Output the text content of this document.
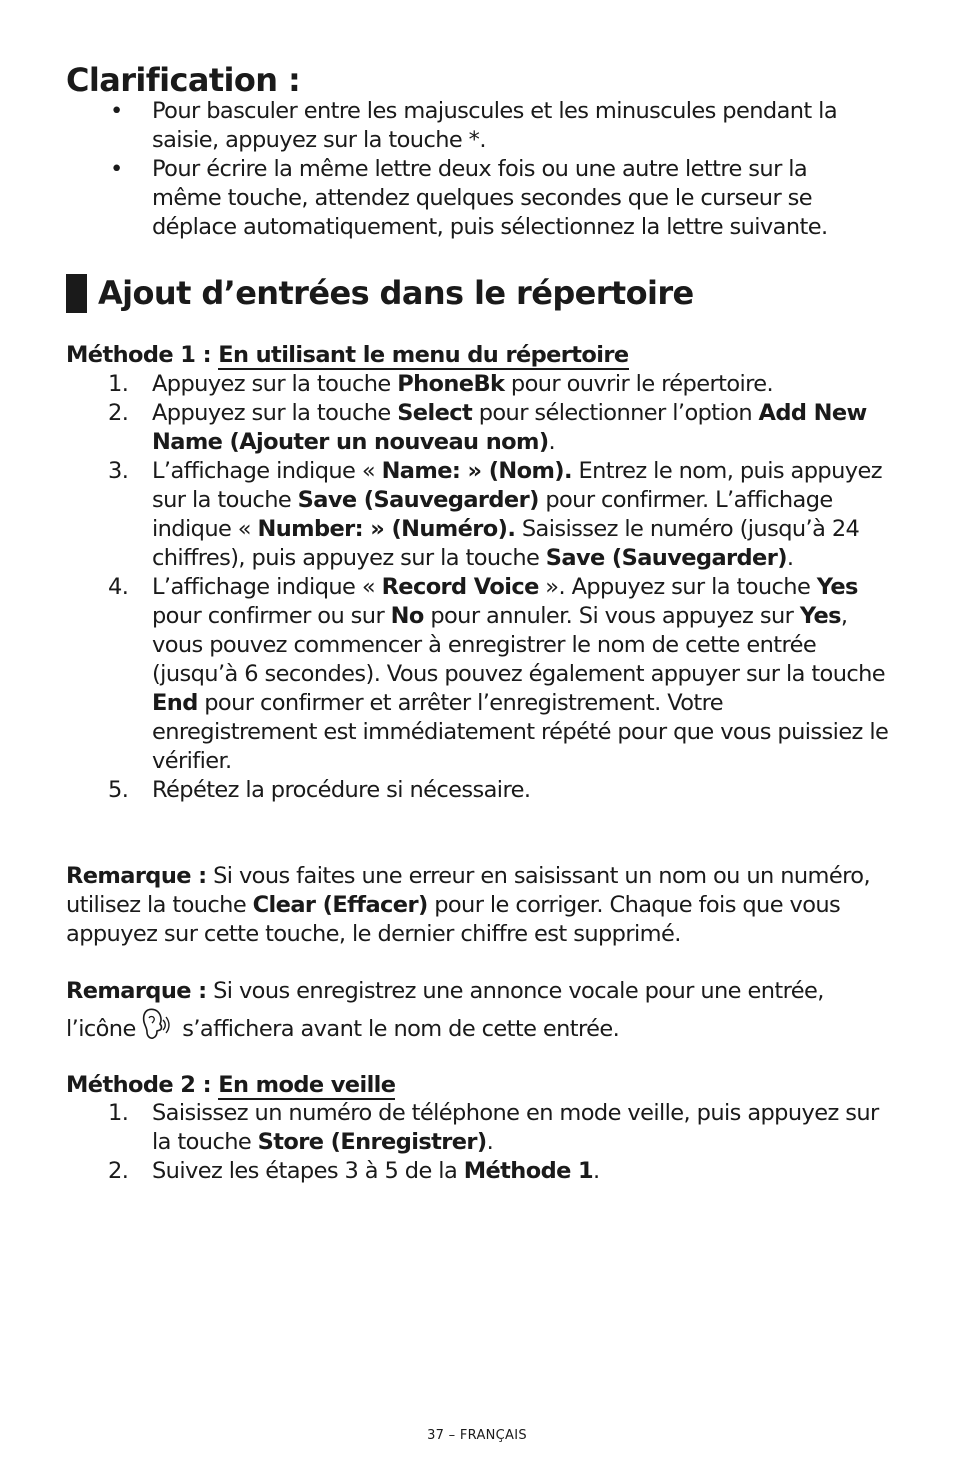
Clarification :
• Pour basculer entre les majuscules et les minuscules pendant la saisie, appuyez sur la touche *.
• Pour écrire la même lettre deux fois ou une autre lettre sur la même touche, attendez quelques secondes que le curseur se déplace automatiquement, puis sélectionnez la lettre suivante.
Ajout d’entrées dans le répertoire
Méthode 1 : En utilisant le menu du répertoire
1. Appuyez sur la touche PhoneBk pour ouvrir le répertoire.
2. Appuyez sur la touche Select pour sélectionner l’option Add New Name (Ajouter un nouveau nom).
3. L’affichage indique « Name: » (Nom). Entrez le nom, puis appuyez sur la touche Save (Sauvegarder) pour confirmer. L’affichage indique « Number: » (Numéro). Saisissez le numéro (jusqu’à 24 chiffres), puis appuyez sur la touche Save (Sauvegarder).
4. L’affichage indique « Record Voice ». Appuyez sur la touche Yes pour confirmer ou sur No pour annuler. Si vous appuyez sur Yes, vous pouvez commencer à enregistrer le nom de cette entrée (jusqu’à 6 secondes). Vous pouvez également appuyer sur la touche End pour confirmer et arrêter l’enregistrement. Votre enregistrement est immédiatement répété pour que vous puissiez le vérifier.
5. Répétez la procédure si nécessaire.
Remarque : Si vous faites une erreur en saisissant un nom ou un numéro, utilisez la touche Clear (Effacer) pour le corriger. Chaque fois que vous appuyez sur cette touche, le dernier chiffre est supprimé.
Remarque : Si vous enregistrez une annonce vocale pour une entrée, l’icône s’affichera avant le nom de cette entrée.
Méthode 2 : En mode veille
1. Saisissez un numéro de téléphone en mode veille, puis appuyez sur la touche Store (Enregistrer).
2. Suivez les étapes 3 à 5 de la Méthode 1.
37 – FRANÇAIS
